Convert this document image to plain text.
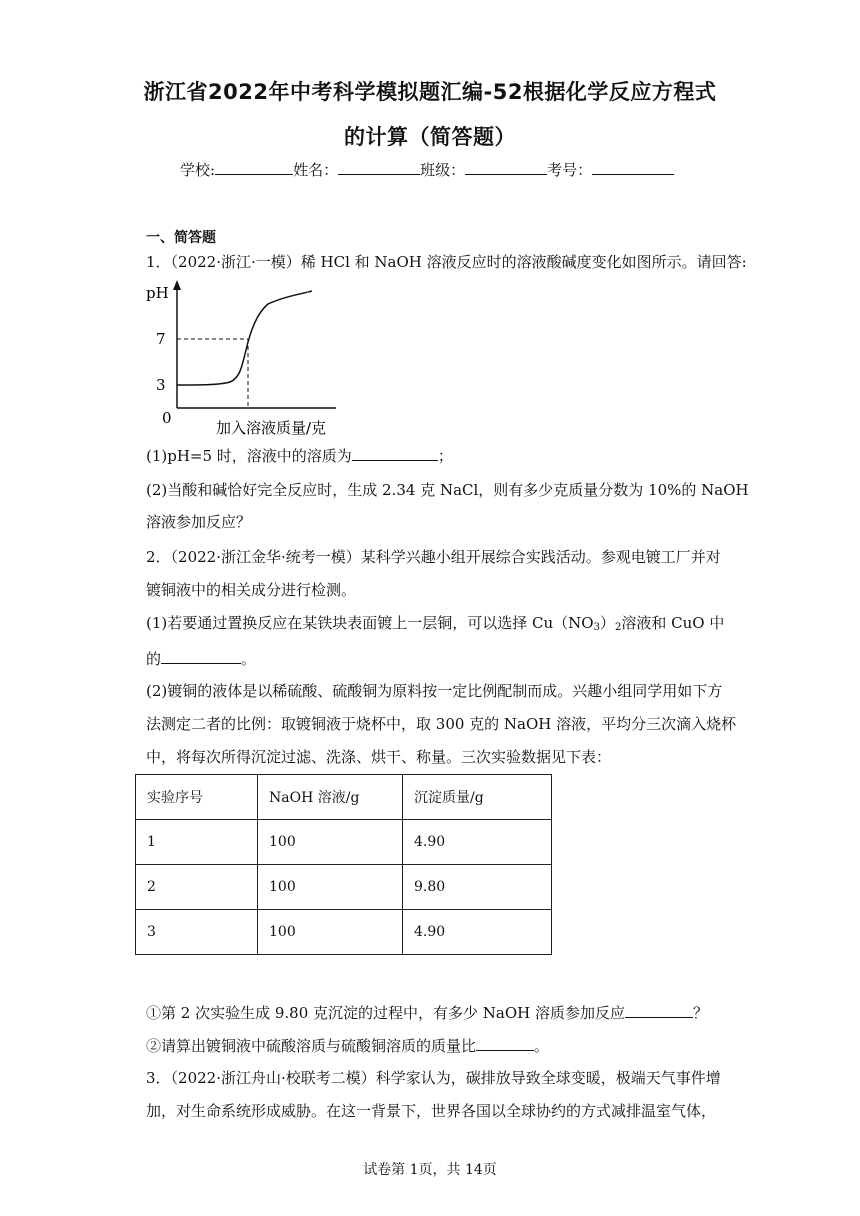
浙江省2022年中考科学模拟题汇编-52根据化学反应方程式
的计算（简答题）
学校:	姓名：	班级：	考号：
一、简答题
1．（2022·浙江·一模）稀 HCl 和 NaOH 溶液反应时的溶液酸碱度变化如图所示。请回答:
pH
7
3
0
加入溶液质量/克
(1)pH=5 时，溶液中的溶质为	；
(2)当酸和碱恰好完全反应时，生成 2.34 克 NaCl，则有多少克质量分数为 10%的 NaOH
溶液参加反应？
2．（2022·浙江金华·统考一模）某科学兴趣小组开展综合实践活动。参观电镀工厂并对
镀铜液中的相关成分进行检测。
(1)若要通过置换反应在某铁块表面镀上一层铜，可以选择 $Cu(NO_3)_2$溶液和 CuO 中
的	。
(2)镀铜的液体是以稀硫酸、硫酸铜为原料按一定比例配制而成。兴趣小组同学用如下方
法测定二者的比例：取镀铜液于烧杯中，取 300 克的 NaOH 溶液，平均分三次滴入烧杯
中，将每次所得沉淀过滤、洗涤、烘干、称量。三次实验数据见下表：
实验序号	NaOH 溶液/g	沉淀质量/g
1	100	4.90
2	100	9.80
3	100	4.90
①第 2 次实验生成 9.80 克沉淀的过程中，有多少 NaOH 溶质参加反应	？
②请算出镀铜液中硫酸溶质与硫酸铜溶质的质量比	。
3．（2022·浙江舟山·校联考二模）科学家认为，碳排放导致全球变暖，极端天气事件增
加，对生命系统形成威胁。在这一背景下，世界各国以全球协约的方式减排温室气体，
试卷第 1页，共 14页
